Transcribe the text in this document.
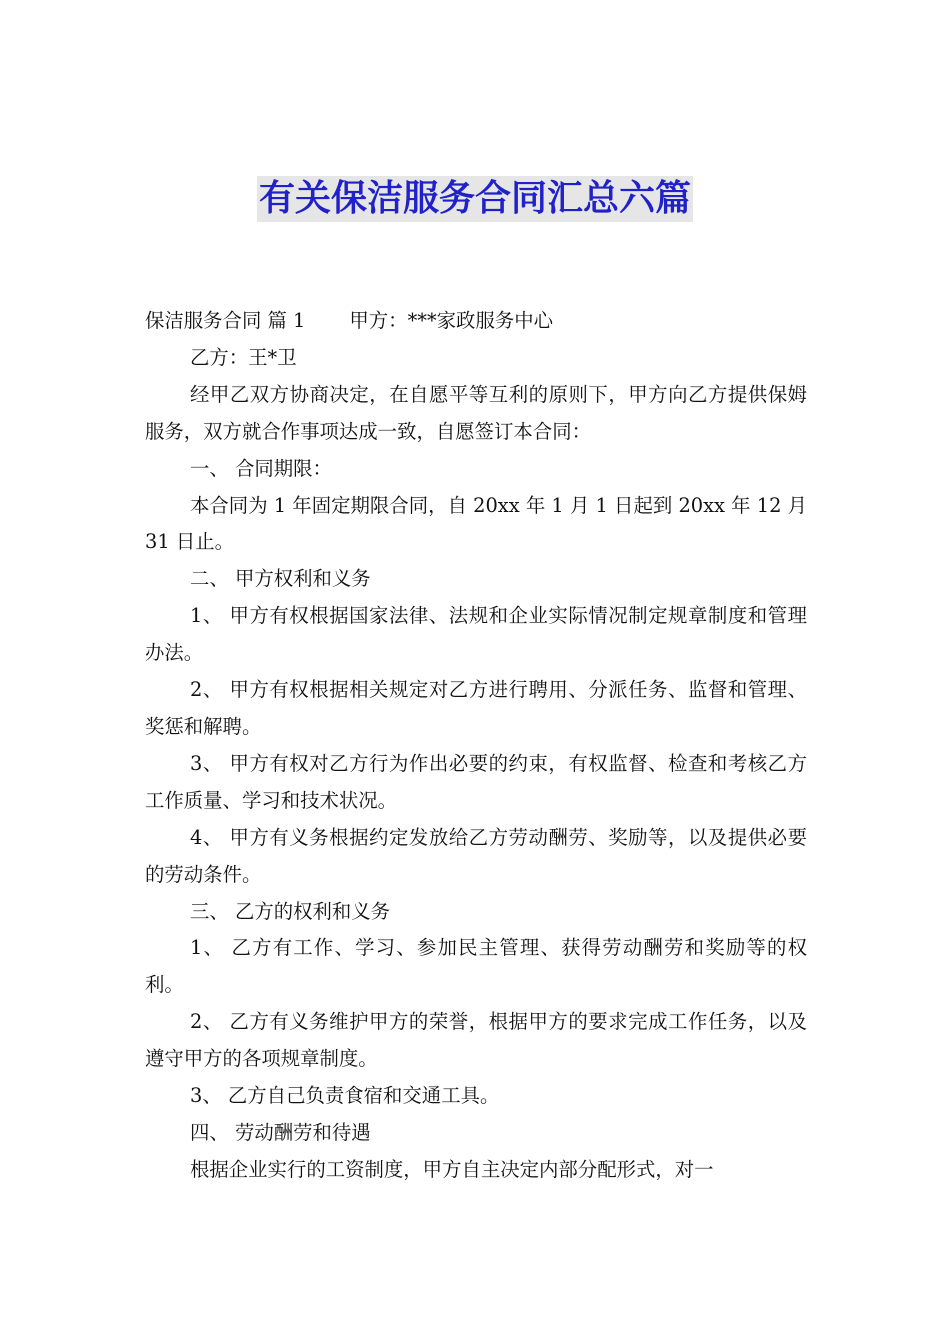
有关保洁服务合同汇总六篇

保洁服务合同 篇 1 甲方：***家政服务中心

乙方：王*卫

经甲乙双方协商决定，在自愿平等互利的原则下，甲方向乙方提供保姆服务，双方就合作事项达成一致，自愿签订本合同：

一、 合同期限：

本合同为 1 年固定期限合同，自 20xx 年 1 月 1 日起到 20xx 年 12 月 31 日止。

二、 甲方权利和义务

1、 甲方有权根据国家法律、法规和企业实际情况制定规章制度和管理办法。

2、 甲方有权根据相关规定对乙方进行聘用、分派任务、监督和管理、奖惩和解聘。

3、 甲方有权对乙方行为作出必要的约束，有权监督、检查和考核乙方工作质量、学习和技术状况。

4、 甲方有义务根据约定发放给乙方劳动酬劳、奖励等，以及提供必要的劳动条件。

三、 乙方的权利和义务

1、 乙方有工作、学习、参加民主管理、获得劳动酬劳和奖励等的权利。

2、 乙方有义务维护甲方的荣誉，根据甲方的要求完成工作任务，以及遵守甲方的各项规章制度。

3、 乙方自己负责食宿和交通工具。

四、 劳动酬劳和待遇

根据企业实行的工资制度，甲方自主决定内部分配形式，对一
